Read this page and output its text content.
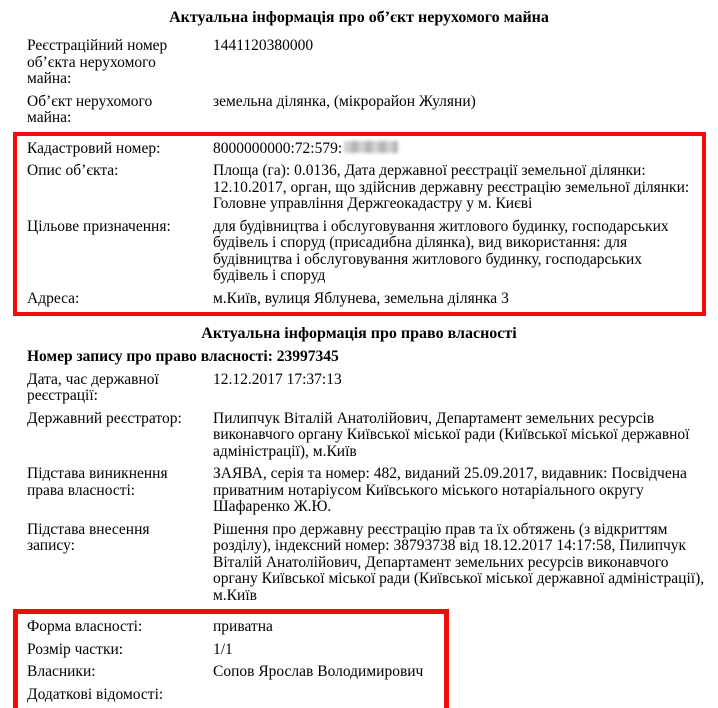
Актуальна інформація про об’єкт нерухомого майна
Реєстраційний номер об’єкта нерухомого майна:
1441120380000
Об’єкт нерухомого майна:
земельна ділянка, (мікрорайон Жуляни)
Кадастровий номер:	8000000000:72:579:
Опис об’єкта:	Площа (га): 0.0136, Дата державної реєстрації земельної ділянки: 12.10.2017, орган, що здійснив державну реєстрацію земельної ділянки: Головне управління Держгеокадастру у м. Києві
Цільове призначення:	для будівництва і обслуговування житлового будинку, господарських будівель і споруд (присадибна ділянка), вид використання: для будівництва і обслуговування житлового будинку, господарських будівель і споруд
Адреса:	м.Київ, вулиця Яблунева, земельна ділянка 3
Актуальна інформація про право власності
Номер запису про право власності: 23997345
Дата, час державної реєстрації:
12.12.2017 17:37:13
Державний реєстратор:	Пилипчук Віталій Анатолійович, Департамент земельних ресурсів виконавчого органу Київської міської ради (Київської міської державної адміністрації), м.Київ
Підстава виникнення права власності:
ЗАЯВА, серія та номер: 482, виданий 25.09.2017, видавник: Посвідчена приватним нотаріусом Київського міського нотаріального округу Шафаренко Ж.Ю.
Підстава внесення запису:
Рішення про державну реєстрацію прав та їх обтяжень (з відкриттям розділу), індексний номер: 38793738 від 18.12.2017 14:17:58, Пилипчук Віталій Анатолійович, Департамент земельних ресурсів виконавчого органу Київської міської ради (Київської міської державної адміністрації), м.Київ
Форма власності:	приватна
Розмір частки:	1/1
Власники:	Сопов Ярослав Володимирович
Додаткові відомості:
